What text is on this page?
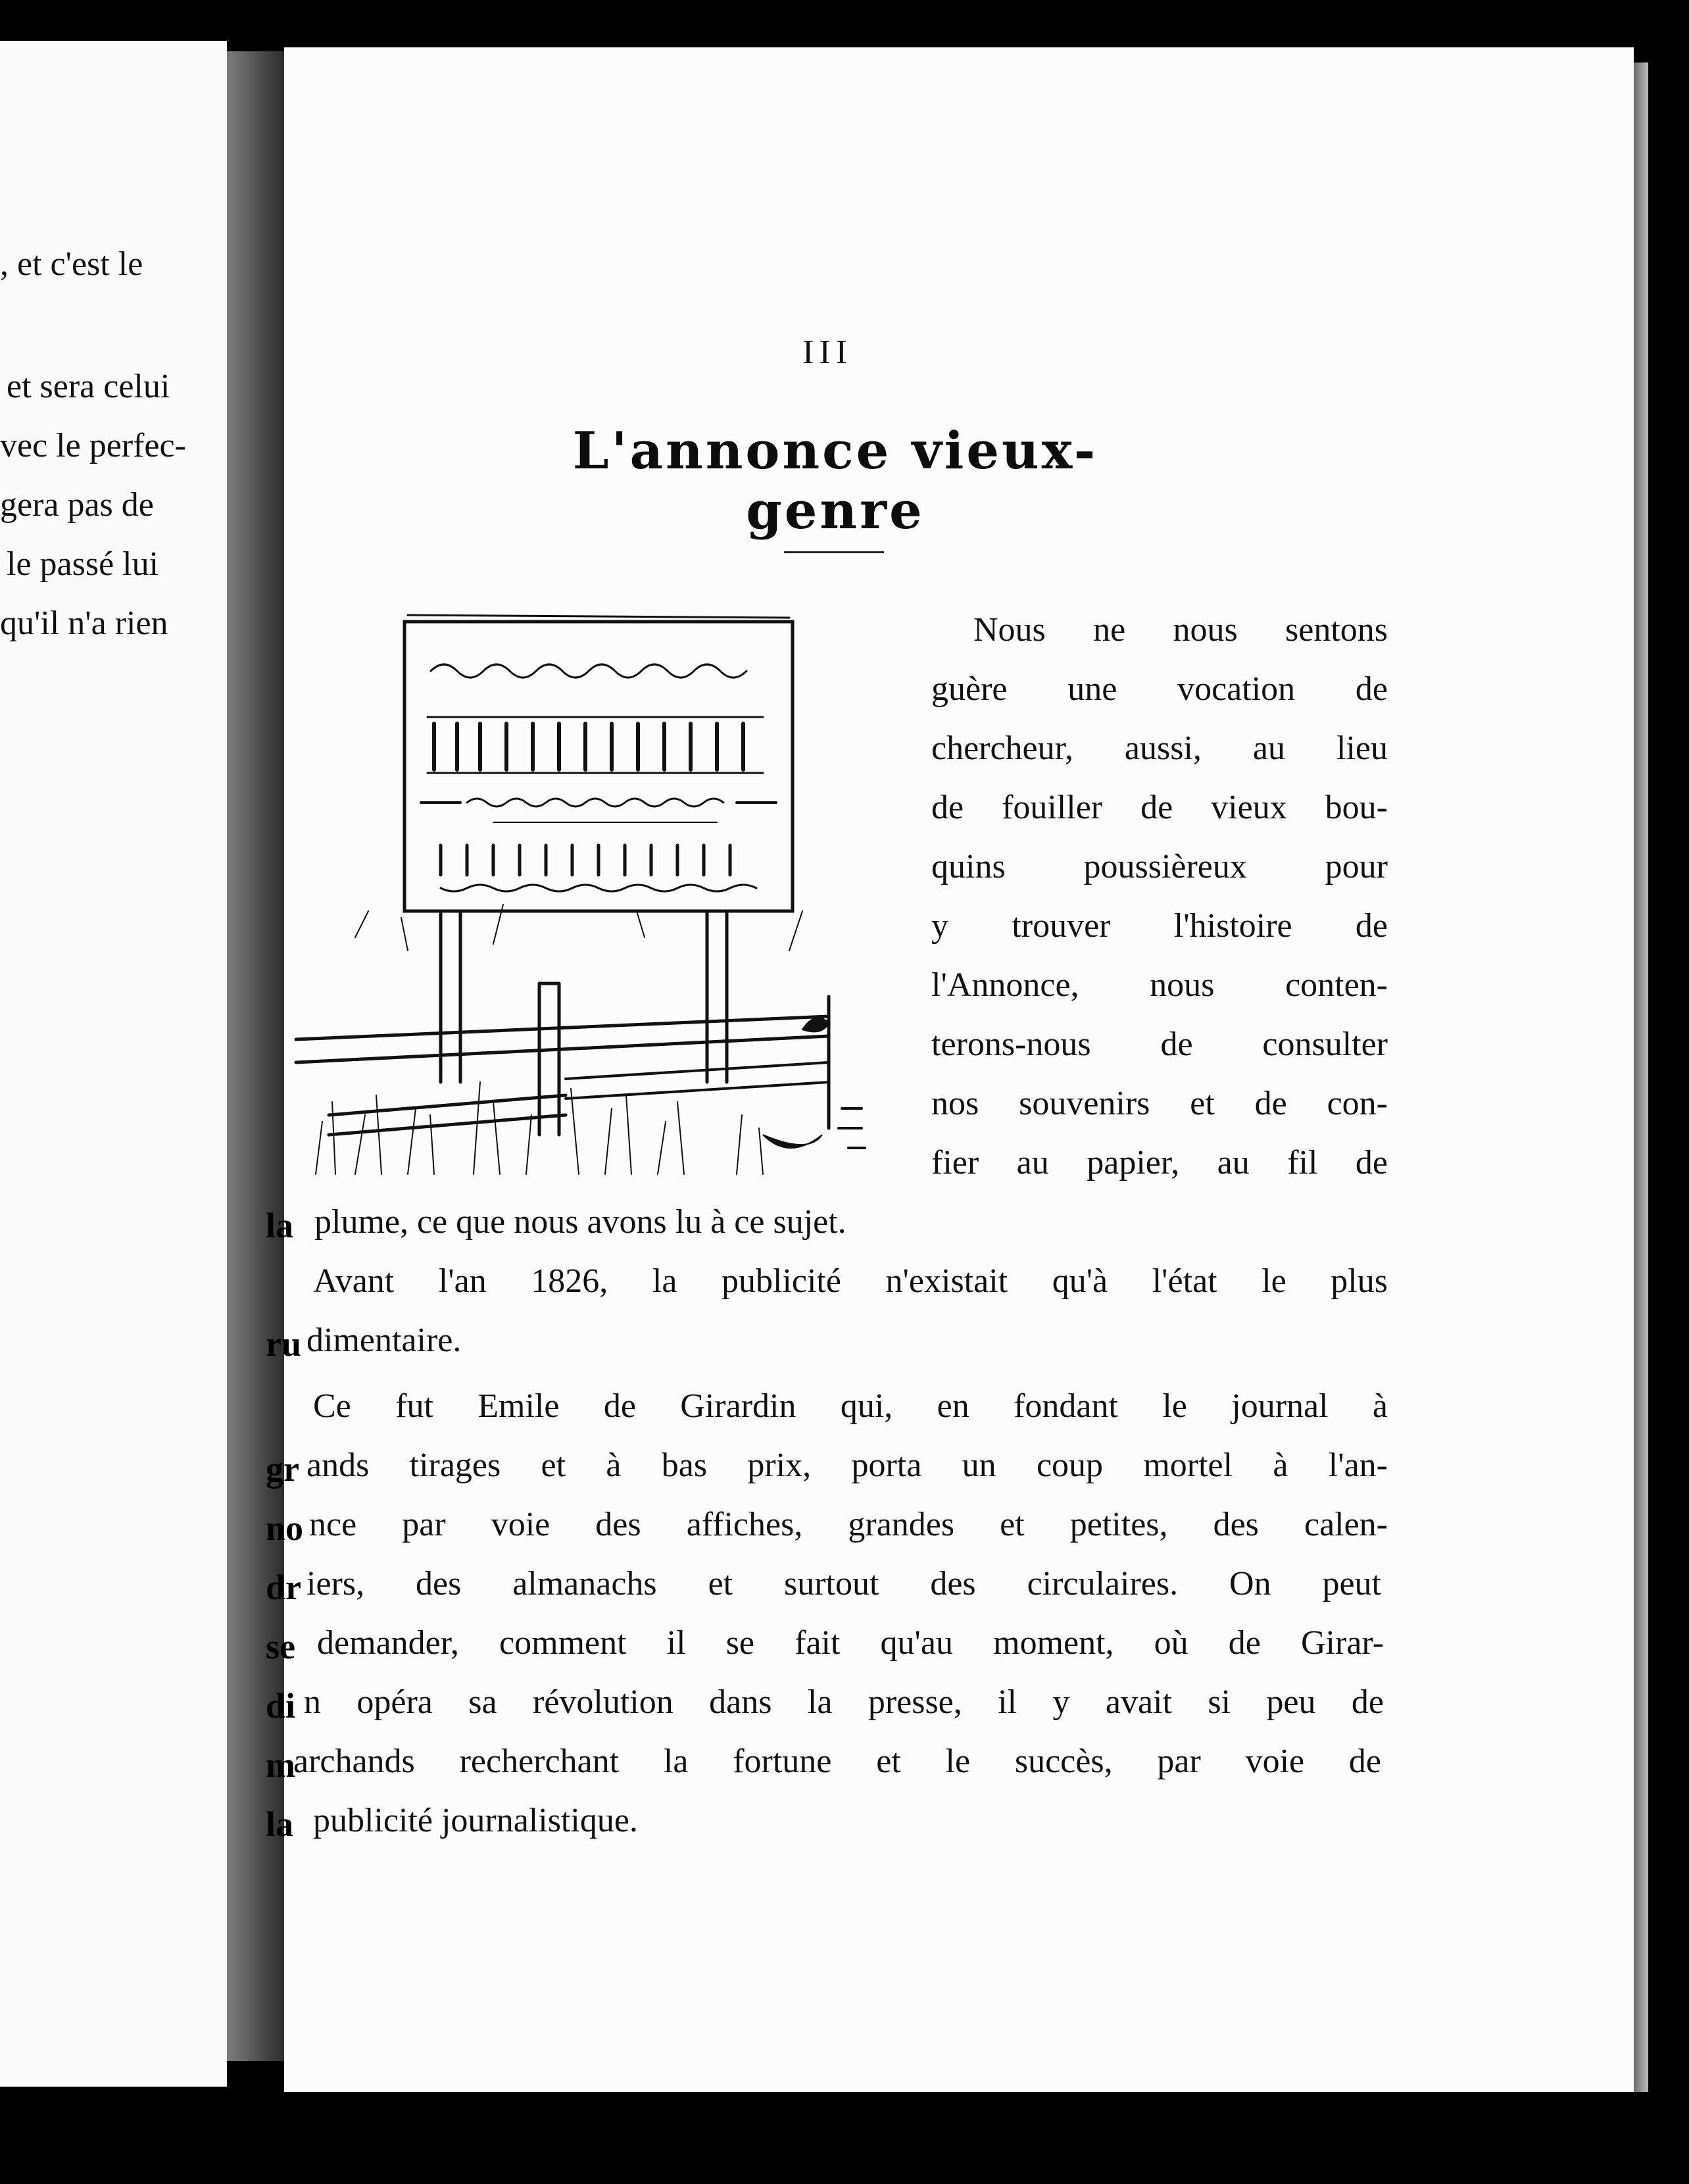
, et c'est le
et sera celui
vec le perfec-
gera pas de
le passé lui
qu'il n'a rien
III
L'annonce vieux-genre
Nous ne nous sentons
guère une vocation de
chercheur, aussi, au lieu
de fouiller de vieux bou-
quins poussièreux pour
y trouver l'histoire de
l'Annonce, nous conten-
terons-nous de consulter
nos souvenirs et de con-
fier au papier, au fil de
la plume, ce que nous avons lu à ce sujet.
Avant l'an 1826, la publicité n'existait qu'à l'état le plus
ru dimentaire.
Ce fut Emile de Girardin qui, en fondant le journal à
gr ands tirages et à bas prix, porta un coup mortel à l'an-
no nce par voie des affiches, grandes et petites, des calen-
dr iers, des almanachs et surtout des circulaires. On peut
se demander, comment il se fait qu'au moment, où de Girar-
di n opéra sa révolution dans la presse, il y avait si peu de
m
archands recherchant la fortune et le succès, par voie de
la publicité journalistique.
